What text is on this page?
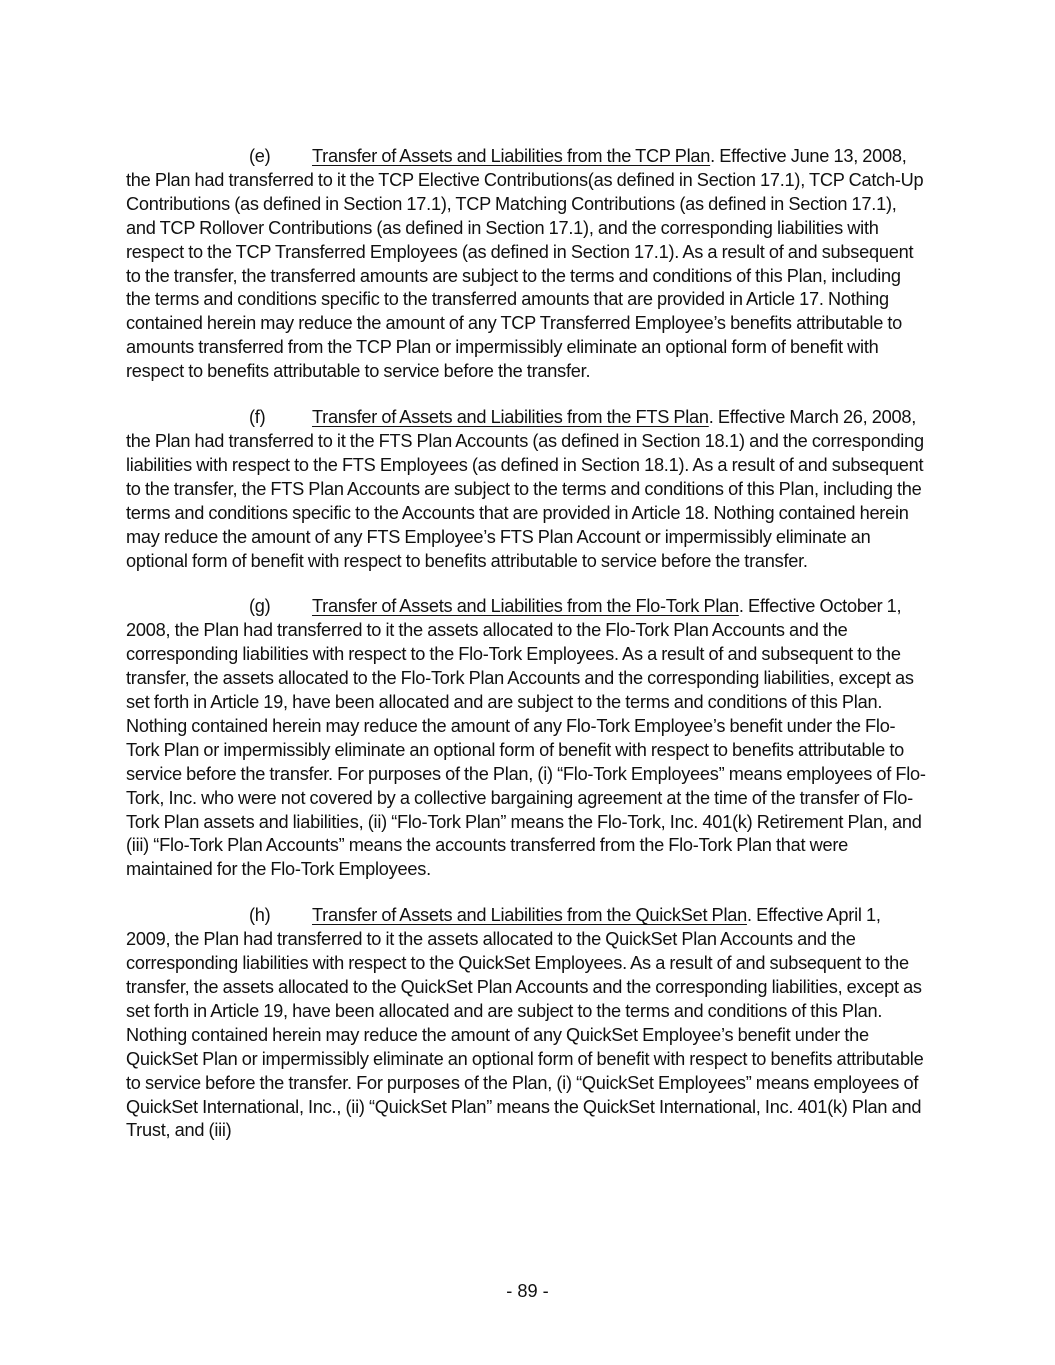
(e) Transfer of Assets and Liabilities from the TCP Plan. Effective June 13, 2008, the Plan had transferred to it the TCP Elective Contributions(as defined in Section 17.1), TCP Catch-Up Contributions (as defined in Section 17.1), TCP Matching Contributions (as defined in Section 17.1), and TCP Rollover Contributions (as defined in Section 17.1), and the corresponding liabilities with respect to the TCP Transferred Employees (as defined in Section 17.1). As a result of and subsequent to the transfer, the transferred amounts are subject to the terms and conditions of this Plan, including the terms and conditions specific to the transferred amounts that are provided in Article 17. Nothing contained herein may reduce the amount of any TCP Transferred Employee’s benefits attributable to amounts transferred from the TCP Plan or impermissibly eliminate an optional form of benefit with respect to benefits attributable to service before the transfer.

(f)	Transfer of Assets and Liabilities from the FTS Plan. Effective March 26, 2008, the Plan had transferred to it the FTS Plan Accounts (as defined in Section 18.1) and the corresponding liabilities with respect to the FTS Employees (as defined in Section 18.1). As a result of and subsequent to the transfer, the FTS Plan Accounts are subject to the terms and conditions of this Plan, including the terms and conditions specific to the Accounts that are provided in Article 18. Nothing contained herein may reduce the amount of any FTS Employee’s FTS Plan Account or impermissibly eliminate an optional form of benefit with respect to benefits attributable to service before the transfer.

(g) Transfer of Assets and Liabilities from the Flo-Tork Plan. Effective October 1, 2008, the Plan had transferred to it the assets allocated to the Flo-Tork Plan Accounts and the corresponding liabilities with respect to the Flo-Tork Employees. As a result of and subsequent to the transfer, the assets allocated to the Flo-Tork Plan Accounts and the corresponding liabilities, except as set forth in Article 19, have been allocated and are subject to the terms and conditions of this Plan. Nothing contained herein may reduce the amount of any Flo-Tork Employee’s benefit under the Flo-Tork Plan or impermissibly eliminate an optional form of benefit with respect to benefits attributable to service before the transfer. For purposes of the Plan, (i) “Flo-Tork Employees” means employees of Flo-Tork, Inc. who were not covered by a collective bargaining agreement at the time of the transfer of Flo-Tork Plan assets and liabilities, (ii) “Flo-Tork Plan” means the Flo-Tork, Inc. 401(k) Retirement Plan, and (iii) “Flo-Tork Plan Accounts” means the accounts transferred from the Flo-Tork Plan that were maintained for the Flo-Tork Employees.

(h) Transfer of Assets and Liabilities from the QuickSet Plan. Effective April 1, 2009, the Plan had transferred to it the assets allocated to the QuickSet Plan Accounts and the corresponding liabilities with respect to the QuickSet Employees. As a result of and subsequent to the transfer, the assets allocated to the QuickSet Plan Accounts and the corresponding liabilities, except as set forth in Article 19, have been allocated and are subject to the terms and conditions of this Plan. Nothing contained herein may reduce the amount of any QuickSet Employee’s benefit under the QuickSet Plan or impermissibly eliminate an optional form of benefit with respect to benefits attributable to service before the transfer. For purposes of the Plan, (i) “QuickSet Employees” means employees of QuickSet International, Inc., (ii) “QuickSet Plan” means the QuickSet International, Inc. 401(k) Plan and Trust, and (iii)

- 89 -
